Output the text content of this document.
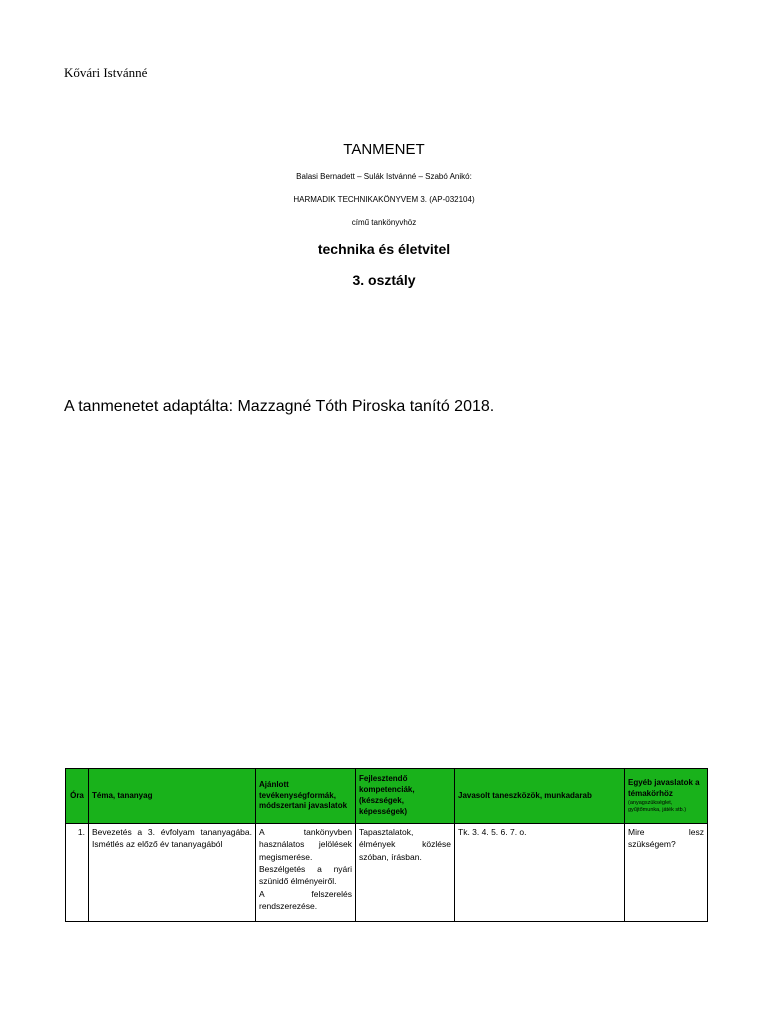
Kővári Istvánné
TANMENET
Balasi Bernadett – Sulák Istvánné – Szabó Anikó:
HARMADIK TECHNIKAKÖNYVEM 3. (AP-032104)
című tankönyvhöz
technika és életvitel
3. osztály
A tanmenetet adaptálta: Mazzagné Tóth Piroska tanító 2018.
Óra	Téma, tananyag	Ajánlott tevékenységformák, módszertani javaslatok	Fejlesztendő kompetenciák, (készségek, képességek)	Javasolt taneszközök, munkadarab	Egyéb javaslatok a témakörhöz
(anyagszükséglet, gyűjtőmunka, játék stb.)

1.	Bevezetés a 3. évfolyam tananyagába.
Ismétlés az előző év tananyagából	A tankönyvben használatos jelölések megismerése.
Beszélgetés a nyári szünidő élményeiről.
A felszerelés rendszerezése.	Tapasztalatok, élmények közlése szóban, írásban.	Tk. 3. 4. 5. 6. 7. o.	Mire lesz szükségem?
